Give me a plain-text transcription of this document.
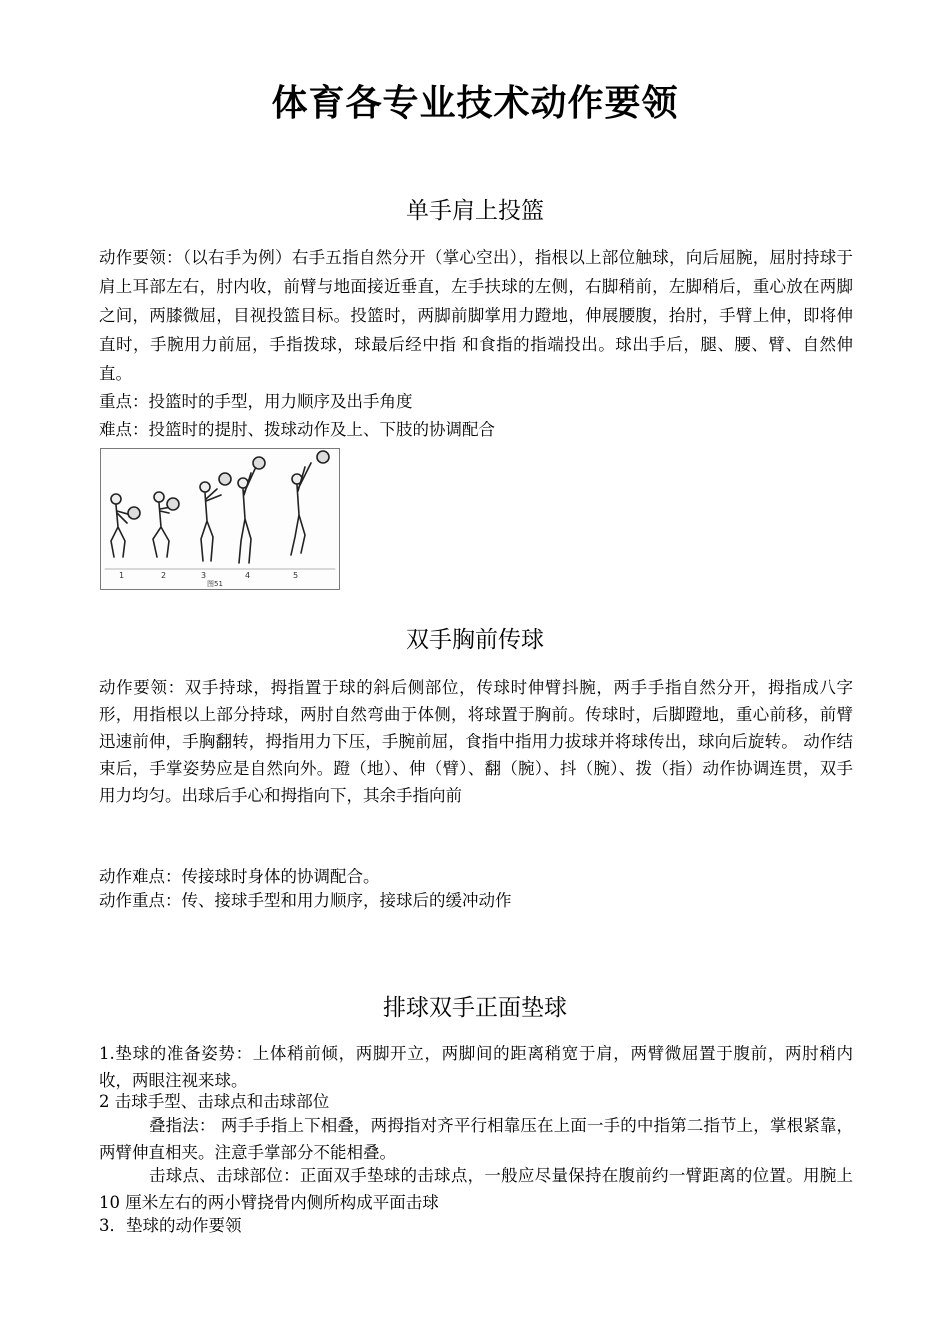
体育各专业技术动作要领
单手肩上投篮
动作要领：（以右手为例）右手五指自然分开（掌心空出），指根以上部位触球，向后屈腕，屈肘持球于肩上耳部左右，肘内收，前臂与地面接近垂直，左手扶球的左侧，右脚稍前，左脚稍后，重心放在两脚之间，两膝微屈，目视投篮目标。投篮时，两脚前脚掌用力蹬地，伸展腰腹，抬肘，手臂上伸，即将伸直时，手腕用力前屈，手指拨球，球最后经中指 和食指的指端投出。球出手后，腿、腰、臂、自然伸直。
重点：投篮时的手型，用力顺序及出手角度
难点：投篮时的提肘、拨球动作及上、下肢的协调配合
1	2	3	4	5
图51
双手胸前传球
动作要领：双手持球，拇指置于球的斜后侧部位，传球时伸臂抖腕，两手手指自然分开，拇指成八字形，用指根以上部分持球，两肘自然弯曲于体侧，将球置于胸前。传球时，后脚蹬地，重心前移，前臂迅速前伸，手胸翻转，拇指用力下压，手腕前屈，食指中指用力拔球并将球传出，球向后旋转。 动作结束后，手掌姿势应是自然向外。蹬（地）、伸（臂）、翻（腕）、抖（腕）、拨（指）动作协调连贯，双手用力均匀。出球后手心和拇指向下，其余手指向前
动作难点：传接球时身体的协调配合。
动作重点：传、接球手型和用力顺序，接球后的缓冲动作
排球双手正面垫球
1.垫球的准备姿势：上体稍前倾，两脚开立，两脚间的距离稍宽于肩，两臂微屈置于腹前，两肘稍内收，两眼注视来球。
2 击球手型、击球点和击球部位
叠指法： 两手手指上下相叠，两拇指对齐平行相靠压在上面一手的中指第二指节上，掌根紧靠，两臂伸直相夹。注意手掌部分不能相叠。
击球点、击球部位：正面双手垫球的击球点，一般应尽量保持在腹前约一臂距离的位置。用腕上 10 厘米左右的两小臂挠骨内侧所构成平面击球
3．垫球的动作要领
